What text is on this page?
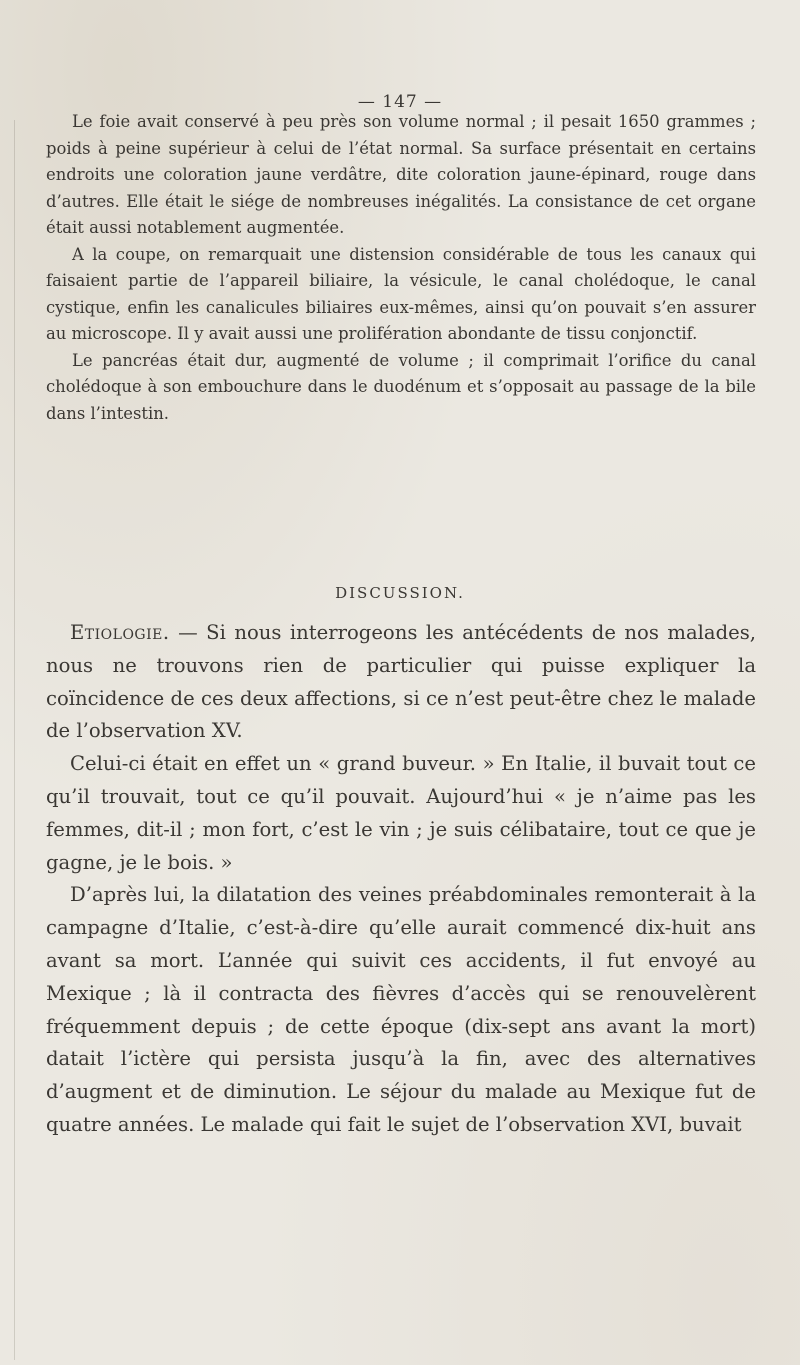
— 147 —

Le foie avait conservé à peu près son volume normal ; il pesait 1650 grammes ; poids à peine supérieur à celui de l’état normal. Sa surface présentait en certains endroits une coloration jaune verdâtre, dite coloration jaune-épinard, rouge dans d’autres. Elle était le siége de nombreuses inégalités. La consistance de cet organe était aussi notablement augmentée.

A la coupe, on remarquait une distension considérable de tous les canaux qui faisaient partie de l’appareil biliaire, la vésicule, le canal cholédoque, le canal cystique, enfin les canalicules biliaires eux-mêmes, ainsi qu’on pouvait s’en assurer au microscope. Il y avait aussi une prolifération abondante de tissu conjonctif.

Le pancréas était dur, augmenté de volume ; il comprimait l’orifice du canal cholédoque à son embouchure dans le duodénum et s’opposait au passage de la bile dans l’intestin.

DISCUSSION.

Etiologie. — Si nous interrogeons les antécédents de nos malades, nous ne trouvons rien de particulier qui puisse expliquer la coïncidence de ces deux affections, si ce n’est peut-être chez le malade de l’observation XV.

Celui-ci était en effet un « grand buveur. » En Italie, il buvait tout ce qu’il trouvait, tout ce qu’il pouvait. Aujourd’hui « je n’aime pas les femmes, dit-il ; mon fort, c’est le vin ; je suis célibataire, tout ce que je gagne, je le bois. »

D’après lui, la dilatation des veines préabdominales remonterait à la campagne d’Italie, c’est-à-dire qu’elle aurait commencé dix-huit ans avant sa mort. L’année qui suivit ces accidents, il fut envoyé au Mexique ; là il contracta des fièvres d’accès qui se renouvelèrent fréquemment depuis ; de cette époque (dix-sept ans avant la mort) datait l’ictère qui persista jusqu’à la fin, avec des alternatives d’augment et de diminution. Le séjour du malade au Mexique fut de quatre années. Le malade qui fait le sujet de l’observation XVI, buvait
